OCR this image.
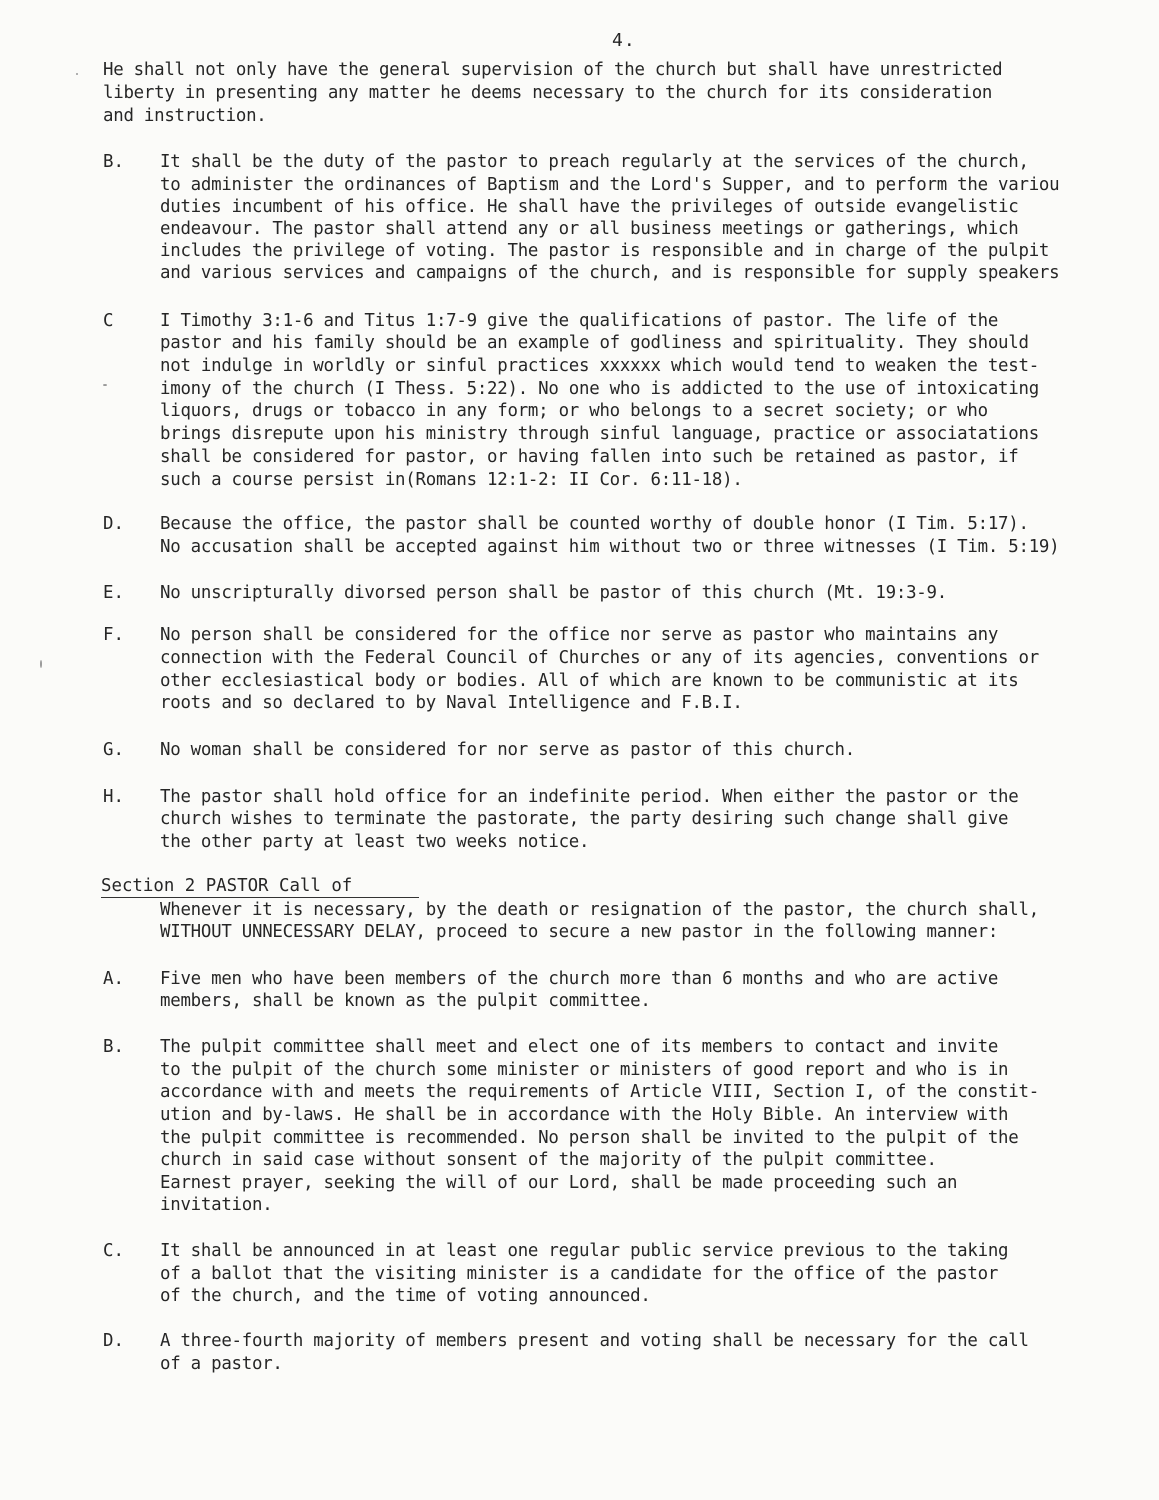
4.
He shall not only have the general supervision of the church but shall have unrestricted
liberty in presenting any matter he deems necessary to the church for its consideration
and instruction.
B. It shall be the duty of the pastor to preach regularly at the services of the church,
to administer the ordinances of Baptism and the Lord's Supper, and to perform the variou
duties incumbent of his office. He shall have the privileges of outside evangelistic
endeavour. The pastor shall attend any or all business meetings or gatherings, which
includes the privilege of voting. The pastor is responsible and in charge of the pulpit
and various services and campaigns of the church, and is responsible for supply speakers
C	I Timothy 3:1-6 and Titus 1:7-9 give the qualifications of pastor. The life of the
pastor and his family should be an example of godliness and spirituality. They should
not indulge in worldly or sinful practices xxxxxx which would tend to weaken the test-
imony of the church (I Thess. 5:22). No one who is addicted to the use of intoxicating
liquors, drugs or tobacco in any form; or who belongs to a secret society; or who
brings disrepute upon his ministry through sinful language, practice or associatations
shall be considered for pastor, or having fallen into such be retained as pastor, if
such a course persist in(Romans 12:1-2: II Cor. 6:11-18).
D. Because the office, the pastor shall be counted worthy of double honor (I Tim. 5:17).
No accusation shall be accepted against him without two or three witnesses (I Tim. 5:19)
E. No unscripturally divorsed person shall be pastor of this church (Mt. 19:3-9.
F. No person shall be considered for the office nor serve as pastor who maintains any
connection with the Federal Council of Churches or any of its agencies, conventions or
other ecclesiastical body or bodies. All of which are known to be communistic at its
roots and so declared to by Naval Intelligence and F.B.I.
G. No woman shall be considered for nor serve as pastor of this church.
H. The pastor shall hold office for an indefinite period. When either the pastor or the
church wishes to terminate the pastorate, the party desiring such change shall give
the other party at least two weeks notice.
Section 2 PASTOR Call of
Whenever it is necessary, by the death or resignation of the pastor, the church shall,
WITHOUT UNNECESSARY DELAY, proceed to secure a new pastor in the following manner:
A. Five men who have been members of the church more than 6 months and who are active
members, shall be known as the pulpit committee.
B. The pulpit committee shall meet and elect one of its members to contact and invite
to the pulpit of the church some minister or ministers of good report and who is in
accordance with and meets the requirements of Article VIII, Section I, of the constit-
ution and by-laws. He shall be in accordance with the Holy Bible. An interview with
the pulpit committee is recommended. No person shall be invited to the pulpit of the
church in said case without sonsent of the majority of the pulpit committee.
Earnest prayer, seeking the will of our Lord, shall be made proceeding such an
invitation.
C. It shall be announced in at least one regular public service previous to the taking
of a ballot that the visiting minister is a candidate for the office of the pastor
of the church, and the time of voting announced.
D. A three-fourth majority of members present and voting shall be necessary for the call
of a pastor.
